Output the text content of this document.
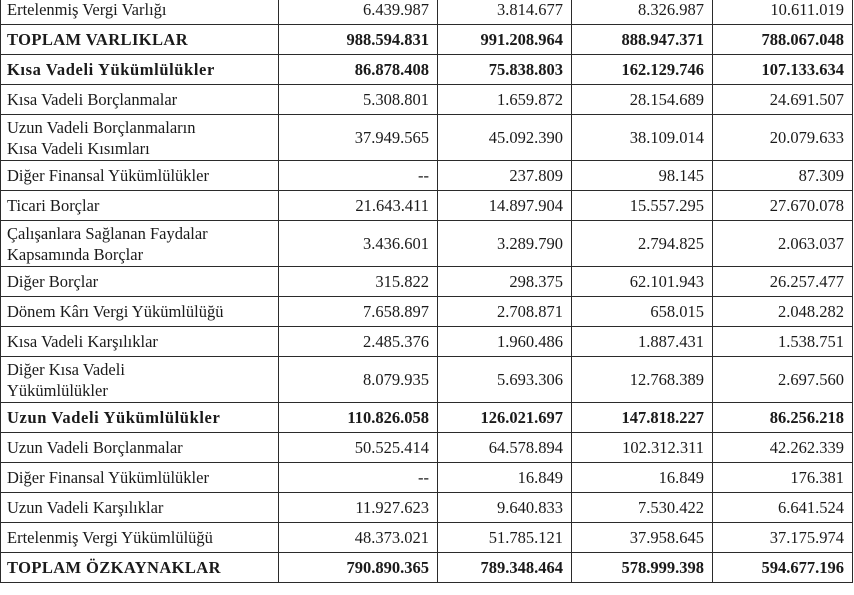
Ertelenmiş Vergi Varlığı	6.439.987	3.814.677	8.326.987	10.611.019
TOPLAM VARLIKLAR	988.594.831	991.208.964	888.947.371	788.067.048
Kısa Vadeli Yükümlülükler	86.878.408	75.838.803	162.129.746	107.133.634
Kısa Vadeli Borçlanmalar	5.308.801	1.659.872	28.154.689	24.691.507
Uzun Vadeli Borçlanmaların
Kısa Vadeli Kısımları	37.949.565	45.092.390	38.109.014	20.079.633
Diğer Finansal Yükümlülükler	--	237.809	98.145	87.309
Ticari Borçlar	21.643.411	14.897.904	15.557.295	27.670.078
Çalışanlara Sağlanan Faydalar
Kapsamında Borçlar	3.436.601	3.289.790	2.794.825	2.063.037
Diğer Borçlar	315.822	298.375	62.101.943	26.257.477
Dönem Kârı Vergi Yükümlülüğü	7.658.897	2.708.871	658.015	2.048.282
Kısa Vadeli Karşılıklar	2.485.376	1.960.486	1.887.431	1.538.751
Diğer Kısa Vadeli
Yükümlülükler	8.079.935	5.693.306	12.768.389	2.697.560
Uzun Vadeli Yükümlülükler	110.826.058	126.021.697	147.818.227	86.256.218
Uzun Vadeli Borçlanmalar	50.525.414	64.578.894	102.312.311	42.262.339
Diğer Finansal Yükümlülükler	--	16.849	16.849	176.381
Uzun Vadeli Karşılıklar	11.927.623	9.640.833	7.530.422	6.641.524
Ertelenmiş Vergi Yükümlülüğü	48.373.021	51.785.121	37.958.645	37.175.974
TOPLAM ÖZKAYNAKLAR	790.890.365	789.348.464	578.999.398	594.677.196
